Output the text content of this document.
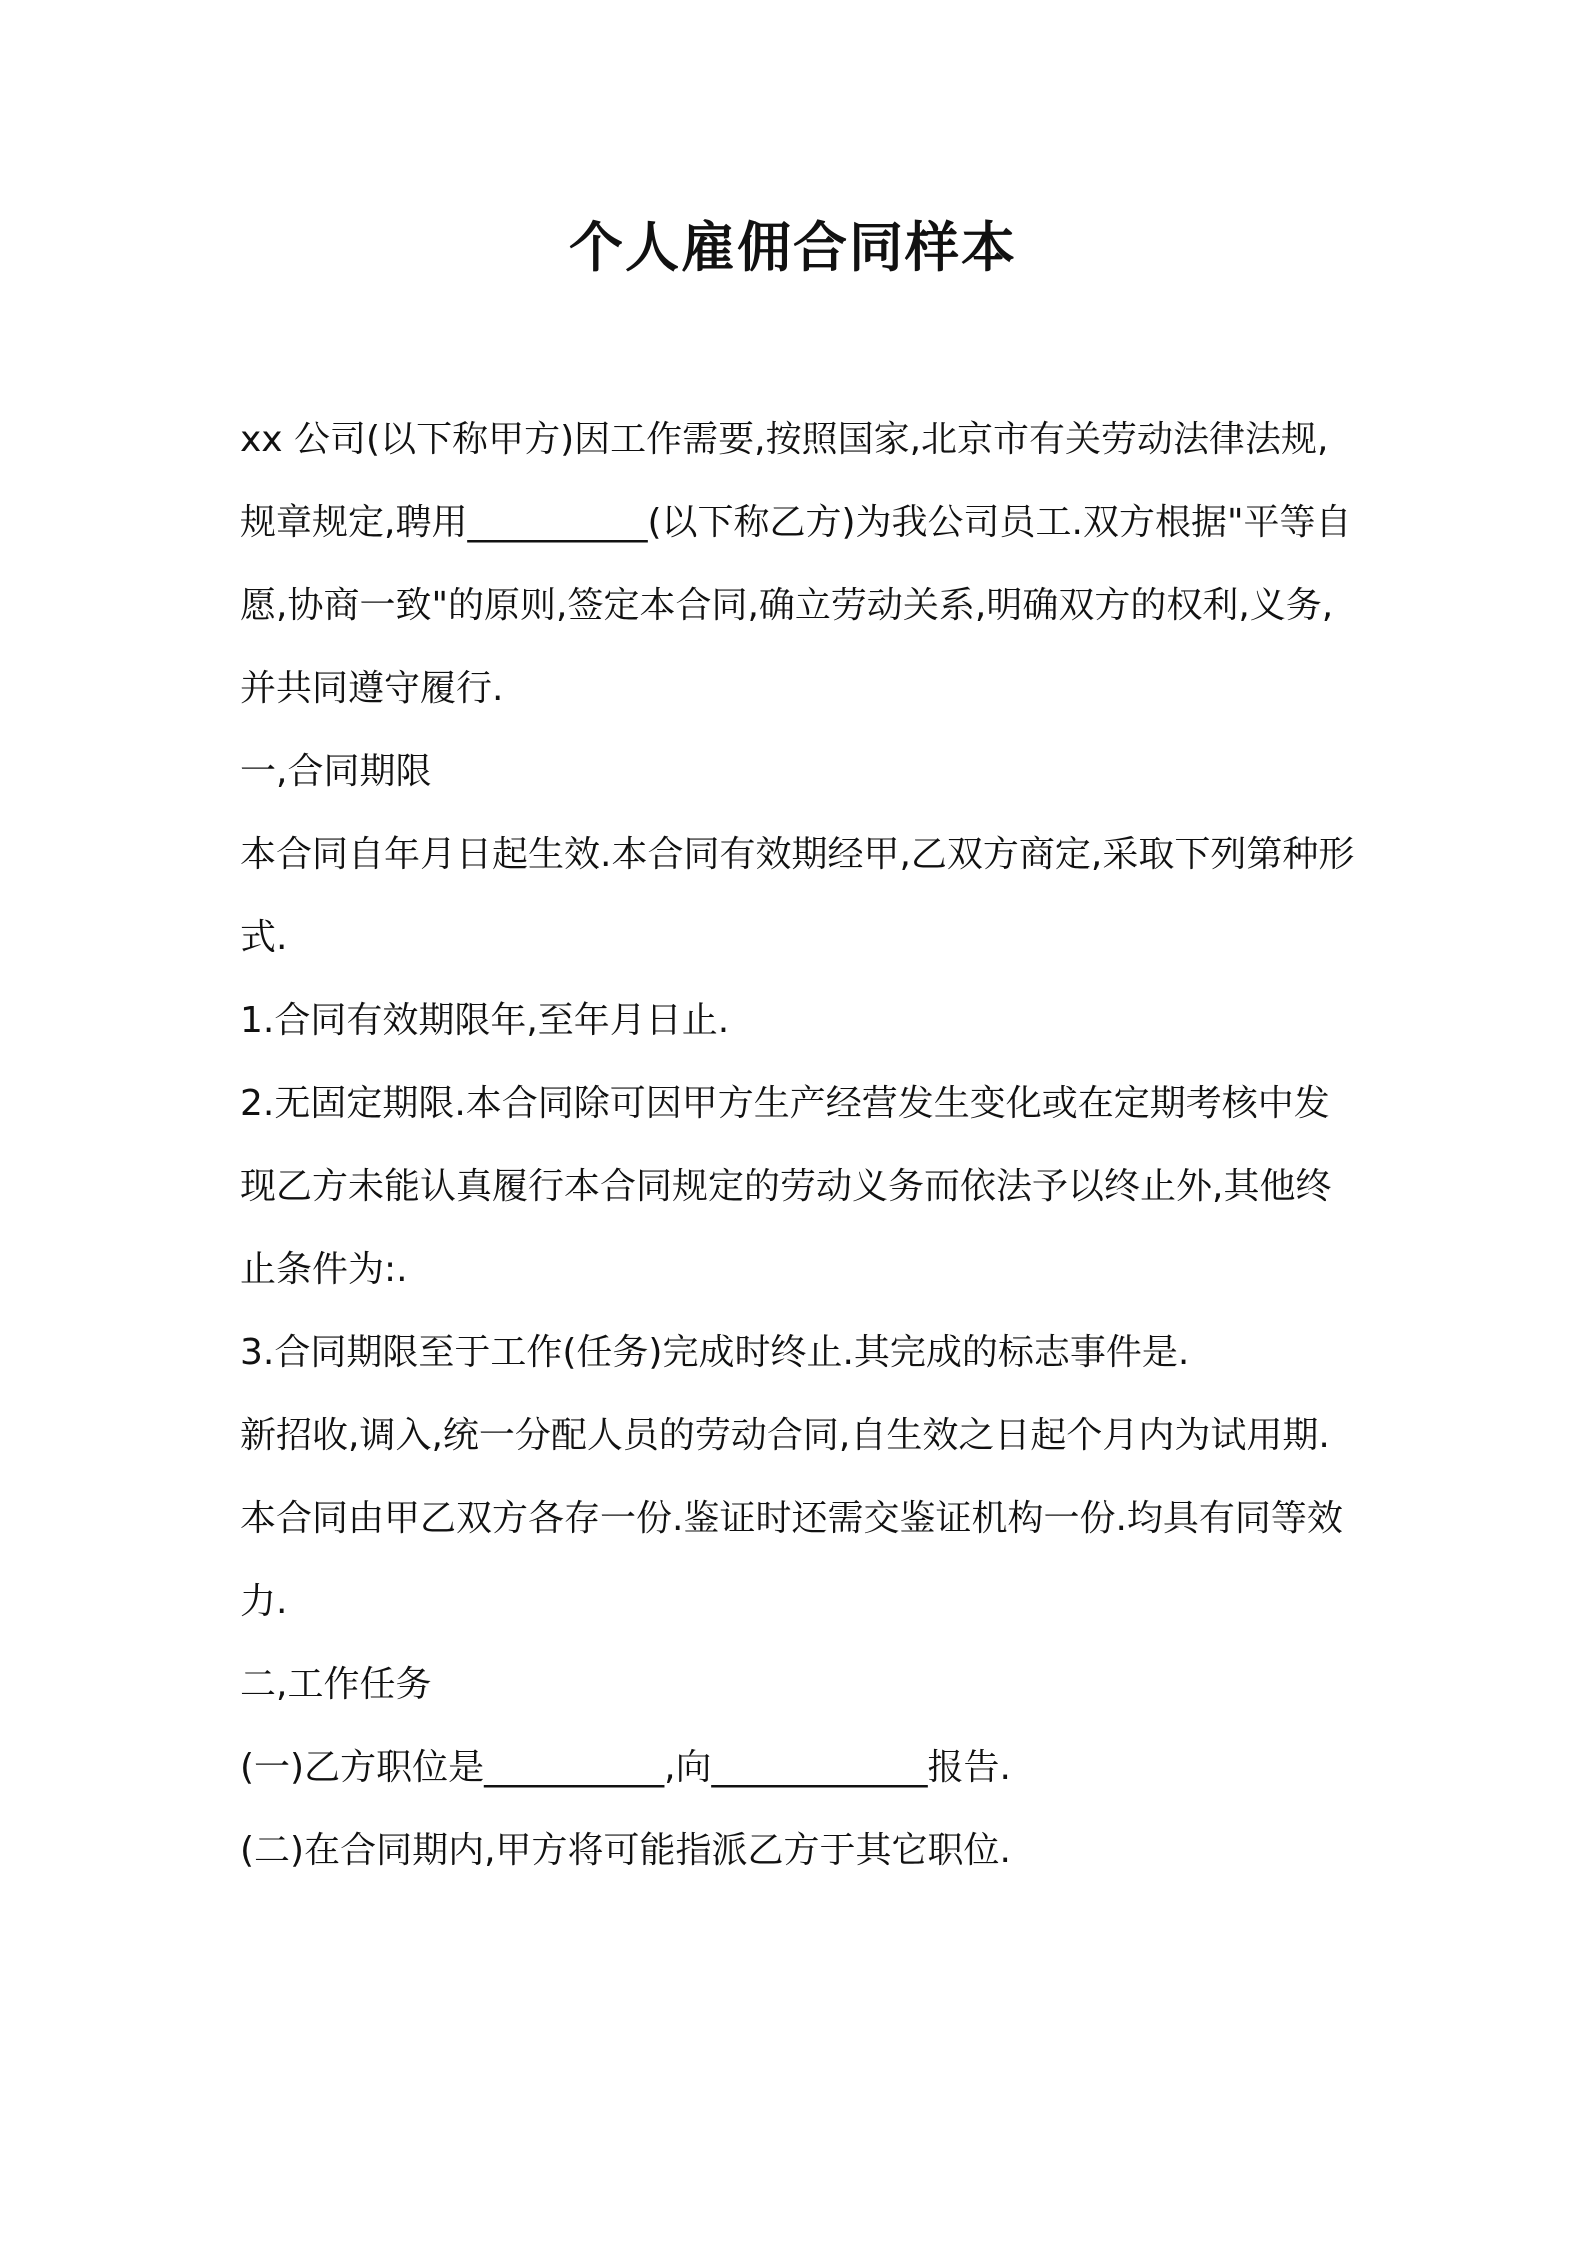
个人雇佣合同样本

xx 公司(以下称甲方)因工作需要,按照国家,北京市有关劳动法律法规,规章规定,聘用__________(以下称乙方)为我公司员工.双方根据"平等自愿,协商一致"的原则,签定本合同,确立劳动关系,明确双方的权利,义务,并共同遵守履行.

一,合同期限

本合同自年月日起生效.本合同有效期经甲,乙双方商定,采取下列第种形式.

1.合同有效期限年,至年月日止.

2.无固定期限.本合同除可因甲方生产经营发生变化或在定期考核中发现乙方未能认真履行本合同规定的劳动义务而依法予以终止外,其他终止条件为:.

3.合同期限至于工作(任务)完成时终止.其完成的标志事件是.

新招收,调入,统一分配人员的劳动合同,自生效之日起个月内为试用期.

本合同由甲乙双方各存一份.鉴证时还需交鉴证机构一份.均具有同等效力.

二,工作任务

(一)乙方职位是__________,向____________报告.

(二)在合同期内,甲方将可能指派乙方于其它职位.
